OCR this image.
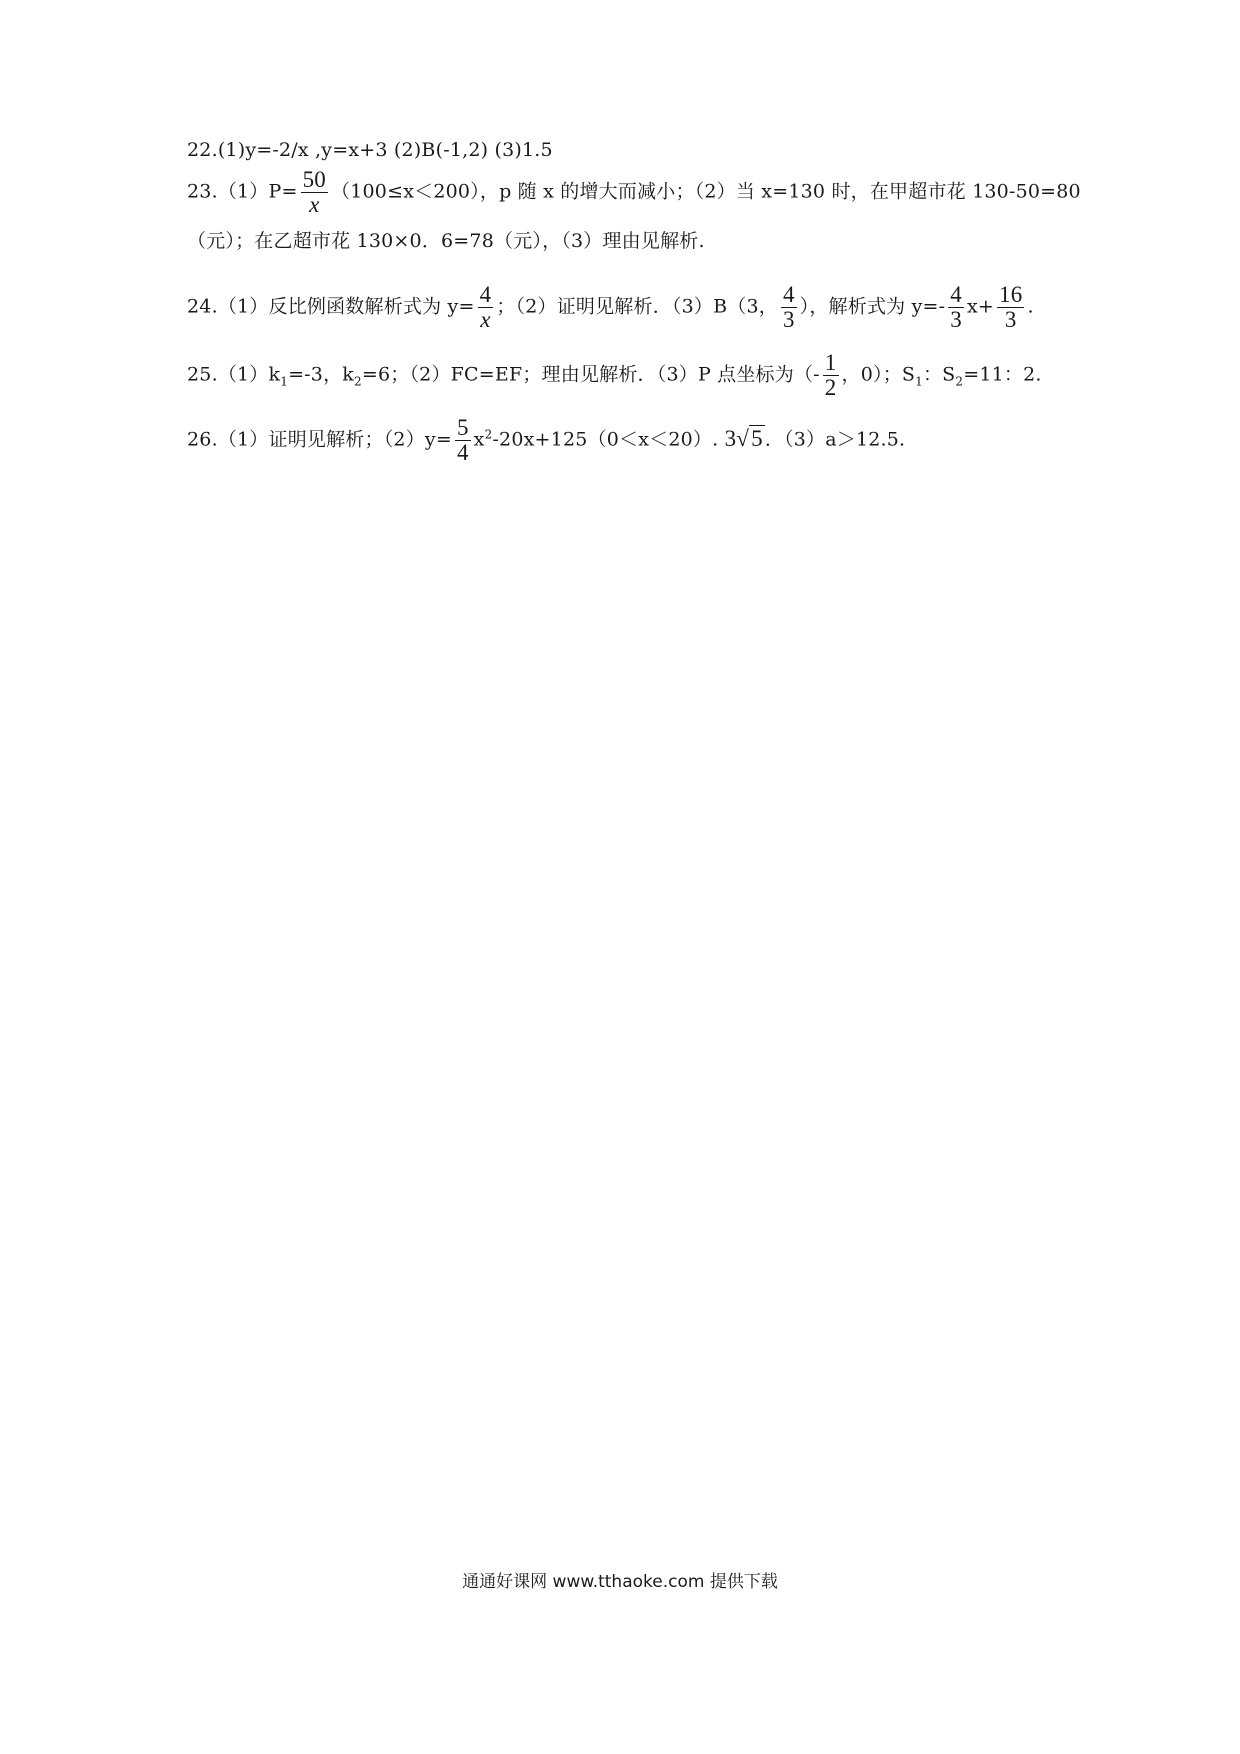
22.(1)y=-2/x ,y=x+3 (2)B(-1,2) (3)1.5
$23.(1)P= \frac{50}{x} (100\le x<200)$，p 随 x 的增大而减小；（2）当 x=130 时，在甲超市花 130-50=80
（元）；在乙超市花 130×0．6=78（元），（3）理由见解析.
24.（1）反比例函数解析式为 $y= \frac{4}{x}$ ；（2）证明见解析．（3）B（3， $\frac{4}{3}$ ），解析式为 $y=- \frac{4}{3} x+ \frac{16}{3}$ .
$25.(1)k_1=-3$，$k_2=6$；（2）FC=EF；理由见解析．（3）P 点坐标为（- $\frac{1}{2}$ ，0）；$S_1$：$S_2=11$：2.
26.（1）证明见解析；$(2)y= \frac{5}{4} x^2-20x+125(0<x<20)$. 3√5 ．（3）a＞12.5.
通通好课网 www.tthaoke.com 提供下载
